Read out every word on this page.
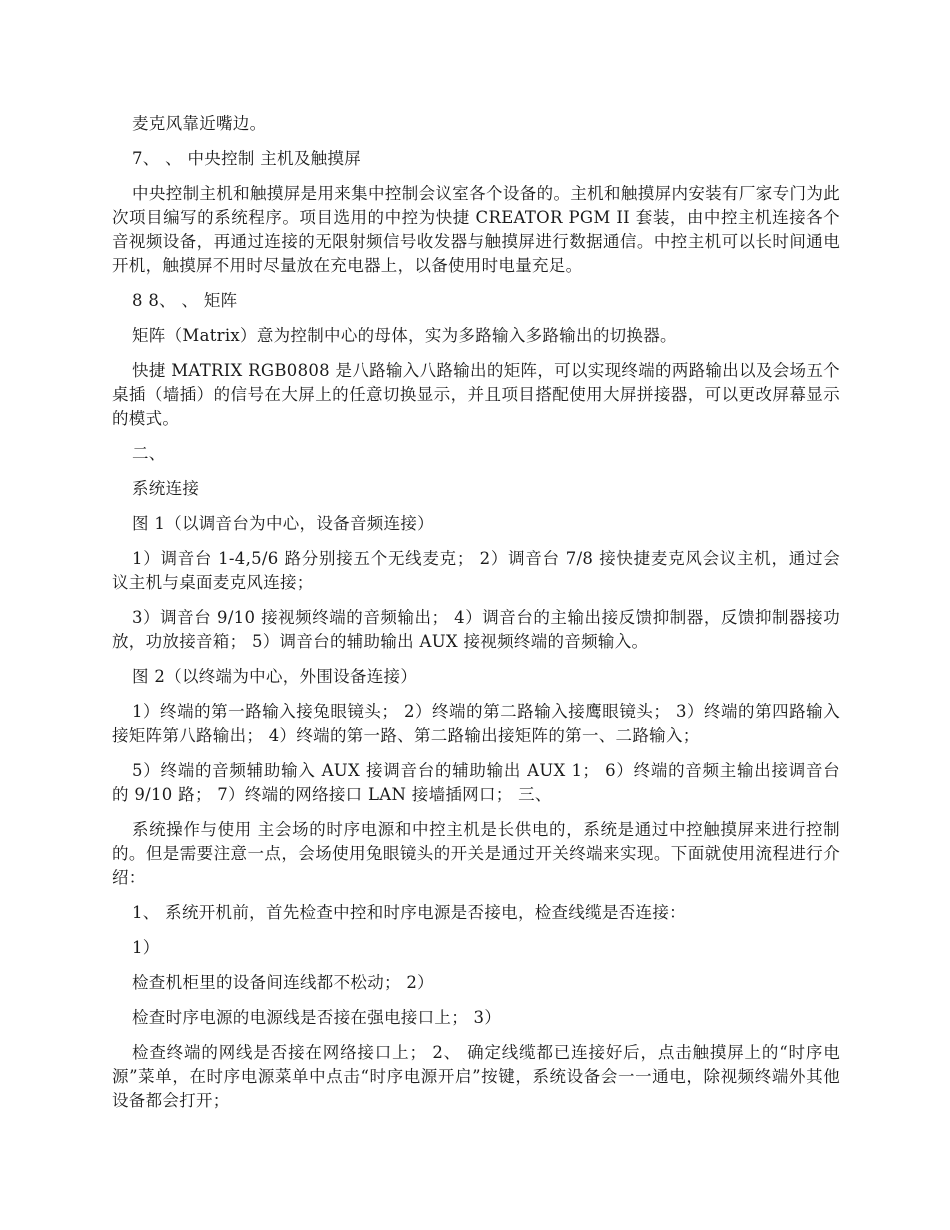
麦克风靠近嘴边。

7、 、 中央控制 主机及触摸屏

中央控制主机和触摸屏是用来集中控制会议室各个设备的。主机和触摸屏内安装有厂家专门为此次项目编写的系统程序。项目选用的中控为快捷 CREATOR PGM II 套装，由中控主机连接各个音视频设备，再通过连接的无限射频信号收发器与触摸屏进行数据通信。中控主机可以长时间通电开机，触摸屏不用时尽量放在充电器上，以备使用时电量充足。

8 8、 、 矩阵

矩阵（Matrix）意为控制中心的母体，实为多路输入多路输出的切换器。

快捷 MATRIX RGB0808 是八路输入八路输出的矩阵，可以实现终端的两路输出以及会场五个桌插（墙插）的信号在大屏上的任意切换显示，并且项目搭配使用大屏拼接器，可以更改屏幕显示的模式。

二、

系统连接

图 1（以调音台为中心，设备音频连接）

1）调音台 1-4,5/6 路分别接五个无线麦克； 2）调音台 7/8 接快捷麦克风会议主机，通过会议主机与桌面麦克风连接；

3）调音台 9/10 接视频终端的音频输出； 4）调音台的主输出接反馈抑制器，反馈抑制器接功放，功放接音箱； 5）调音台的辅助输出 AUX 接视频终端的音频输入。

图 2（以终端为中心，外围设备连接）

1）终端的第一路输入接兔眼镜头； 2）终端的第二路输入接鹰眼镜头； 3）终端的第四路输入接矩阵第八路输出； 4）终端的第一路、第二路输出接矩阵的第一、二路输入；

5）终端的音频辅助输入 AUX 接调音台的辅助输出 AUX 1； 6）终端的音频主输出接调音台的 9/10 路； 7）终端的网络接口 LAN 接墙插网口； 三、

系统操作与使用 主会场的时序电源和中控主机是长供电的，系统是通过中控触摸屏来进行控制的。但是需要注意一点，会场使用兔眼镜头的开关是通过开关终端来实现。下面就使用流程进行介绍：

1、 系统开机前，首先检查中控和时序电源是否接电，检查线缆是否连接：

1）

检查机柜里的设备间连线都不松动； 2）

检查时序电源的电源线是否接在强电接口上； 3）

检查终端的网线是否接在网络接口上； 2、 确定线缆都已连接好后，点击触摸屏上的“时序电源”菜单，在时序电源菜单中点击“时序电源开启”按键，系统设备会一一通电，除视频终端外其他设备都会打开；
